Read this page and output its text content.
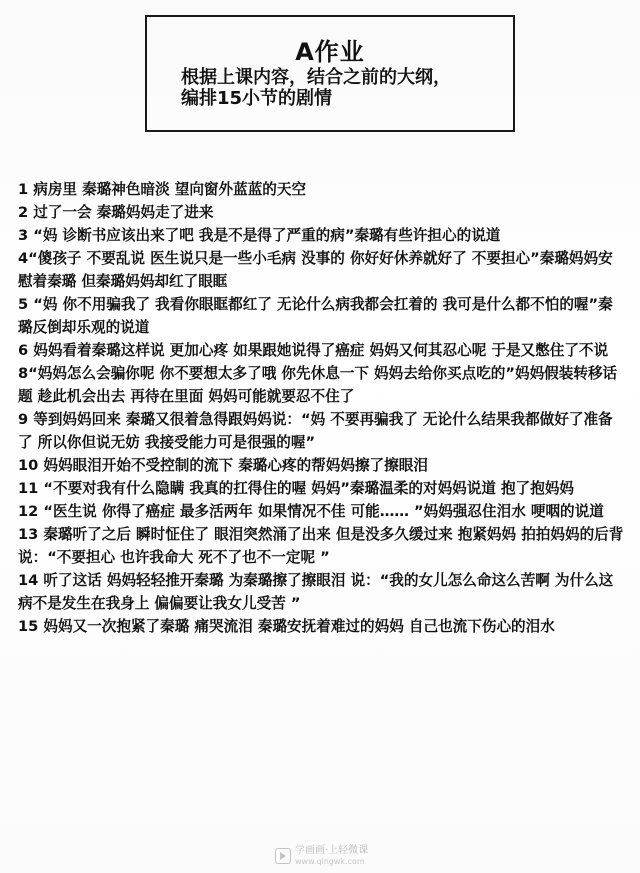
A作业
根据上课内容，结合之前的大纲，
编排15小节的剧情

1 病房里 秦璐神色暗淡 望向窗外蓝蓝的天空

2 过了一会 秦璐妈妈走了进来

3 “妈 诊断书应该出来了吧 我是不是得了严重的病”秦璐有些许担心的说道

4“傻孩子 不要乱说 医生说只是一些小毛病 没事的 你好好休养就好了 不要担心”秦璐妈妈安慰着秦璐 但秦璐妈妈却红了眼眶

5 “妈 你不用骗我了 我看你眼眶都红了 无论什么病我都会扛着的 我可是什么都不怕的喔”秦璐反倒却乐观的说道

6 妈妈看着秦璐这样说 更加心疼 如果跟她说得了癌症 妈妈又何其忍心呢 于是又憋住了不说

8“妈妈怎么会骗你呢 你不要想太多了哦 你先休息一下 妈妈去给你买点吃的”妈妈假装转移话题 趁此机会出去 再待在里面 妈妈可能就要忍不住了

9 等到妈妈回来 秦璐又很着急得跟妈妈说：“妈 不要再骗我了 无论什么结果我都做好了准备了 所以你但说无妨 我接受能力可是很强的喔”

10 妈妈眼泪开始不受控制的流下 秦璐心疼的帮妈妈擦了擦眼泪

11 “不要对我有什么隐瞒 我真的扛得住的喔 妈妈”秦璐温柔的对妈妈说道 抱了抱妈妈

12 “医生说 你得了癌症 最多活两年 如果情况不佳 可能…… ”妈妈强忍住泪水 哽咽的说道

13 秦璐听了之后 瞬时怔住了 眼泪突然涌了出来 但是没多久缓过来 抱紧妈妈 拍拍妈妈的后背说：“不要担心 也许我命大 死不了也不一定呢 ”

14 听了这话 妈妈轻轻推开秦璐 为秦璐擦了擦眼泪 说：“我的女儿怎么命这么苦啊 为什么这病不是发生在我身上 偏偏要让我女儿受苦 ”

15 妈妈又一次抱紧了秦璐 痛哭流泪 秦璐安抚着难过的妈妈 自己也流下伤心的泪水

学画画·上轻微课
www.qingwk.com
